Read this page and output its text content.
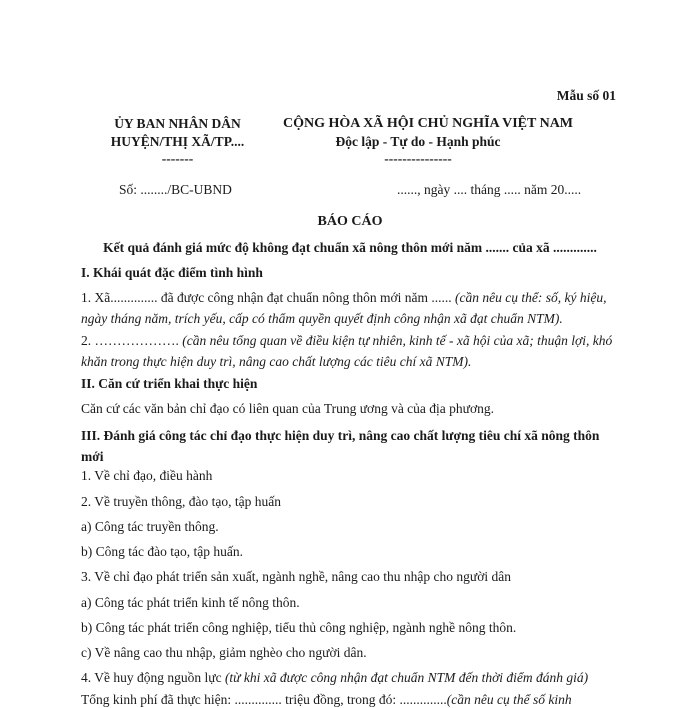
Mẫu số 01
ỦY BAN NHÂN DÂN
HUYỆN/THỊ XÃ/TP....
-------
Số: ......../BC-UBND
CỘNG HÒA XÃ HỘI CHỦ NGHĨA VIỆT NAM
Độc lập - Tự do - Hạnh phúc
---------------
......, ngày .... tháng ..... năm 20.....
BÁO CÁO
Kết quả đánh giá mức độ không đạt chuẩn xã nông thôn mới năm ....... của xã .............
I. Khái quát đặc điểm tình hình
1. Xã.............. đã được công nhận đạt chuẩn nông thôn mới năm ...... (cần nêu cụ thể: số, ký hiệu, ngày tháng năm, trích yếu, cấp có thẩm quyền quyết định công nhận xã đạt chuẩn NTM).
2. ………………. (cần nêu tổng quan về điều kiện tự nhiên, kinh tế - xã hội của xã; thuận lợi, khó khăn trong thực hiện duy trì, nâng cao chất lượng các tiêu chí xã NTM).
II. Căn cứ triển khai thực hiện
Căn cứ các văn bản chỉ đạo có liên quan của Trung ương và của địa phương.
III. Đánh giá công tác chỉ đạo thực hiện duy trì, nâng cao chất lượng tiêu chí xã nông thôn mới
1. Về chỉ đạo, điều hành
2. Về truyền thông, đào tạo, tập huấn
a) Công tác truyền thông.
b) Công tác đào tạo, tập huấn.
3. Về chỉ đạo phát triển sản xuất, ngành nghề, nâng cao thu nhập cho người dân
a) Công tác phát triển kinh tế nông thôn.
b) Công tác phát triển công nghiệp, tiểu thủ công nghiệp, ngành nghề nông thôn.
c) Về nâng cao thu nhập, giảm nghèo cho người dân.
4. Về huy động nguồn lực (từ khi xã được công nhận đạt chuẩn NTM đến thời điểm đánh giá)
Tổng kinh phí đã thực hiện: .............. triệu đồng, trong đó: ..............(cần nêu cụ thể số kinh
